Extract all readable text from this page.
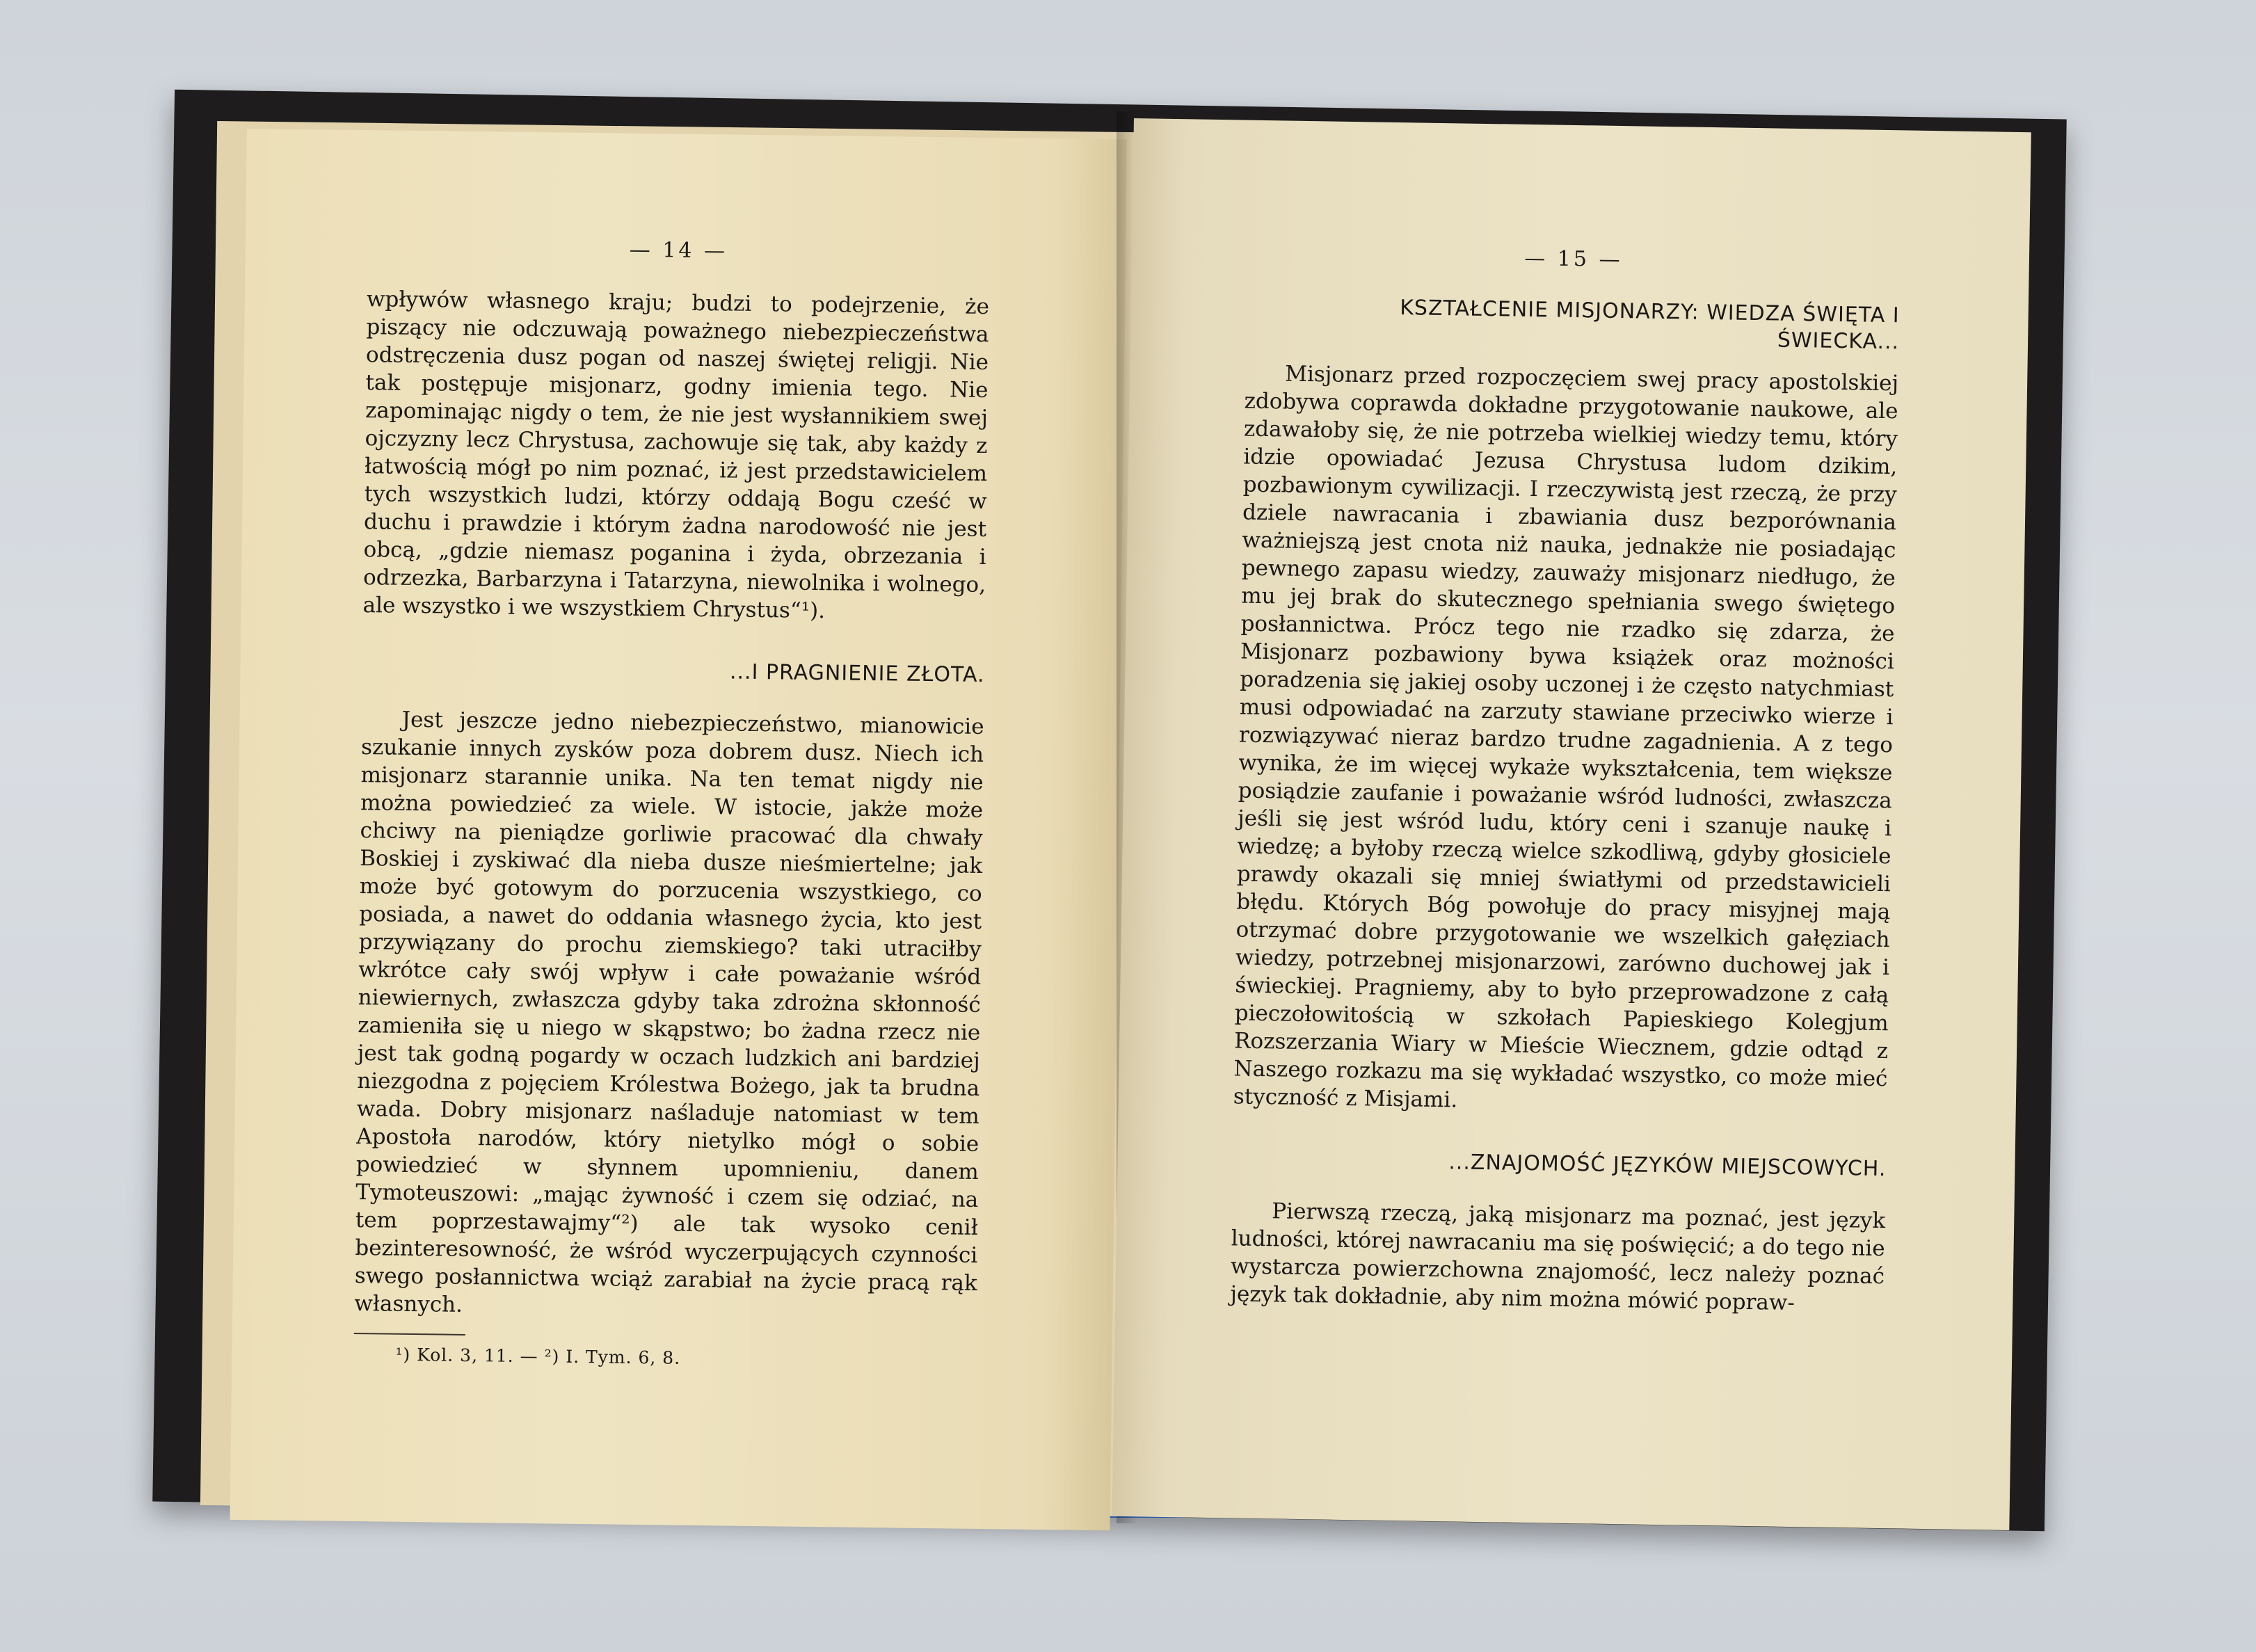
— 14 —

wpływów własnego kraju; budzi to podejrzenie, że piszący nie odczuwają poważnego niebezpieczeństwa odstręczenia dusz pogan od naszej świętej religji. Nie tak postępuje misjonarz, godny imienia tego. Nie zapominając nigdy o tem, że nie jest wysłannikiem swej ojczyzny lecz Chrystusa, zachowuje się tak, aby każdy z łatwością mógł po nim poznać, iż jest przedstawicielem tych wszystkich ludzi, którzy oddają Bogu cześć w duchu i prawdzie i którym żadna narodowość nie jest obcą, „gdzie niemasz poganina i żyda, obrzezania i odrzezka, Barbarzyna i Tatarzyna, niewolnika i wolnego, ale wszystko i we wszystkiem Chrystus“¹).

...I PRAGNIENIE ZŁOTA.

Jest jeszcze jedno niebezpieczeństwo, mianowicie szukanie innych zysków poza dobrem dusz. Niech ich misjonarz starannie unika. Na ten temat nigdy nie można powiedzieć za wiele. W istocie, jakże może chciwy na pieniądze gorliwie pracować dla chwały Boskiej i zyskiwać dla nieba dusze nieśmiertelne; jak może być gotowym do porzucenia wszystkiego, co posiada, a nawet do oddania własnego życia, kto jest przywiązany do prochu ziemskiego? taki utraciłby wkrótce cały swój wpływ i całe poważanie wśród niewiernych, zwłaszcza gdyby taka zdrożna skłonność zamieniła się u niego w skąpstwo; bo żadna rzecz nie jest tak godną pogardy w oczach ludzkich ani bardziej niezgodna z pojęciem Królestwa Bożego, jak ta brudna wada. Dobry misjonarz naśladuje natomiast w tem Apostoła narodów, który nietylko mógł o sobie powiedzieć w słynnem upomnieniu, danem Tymoteuszowi: „mając żywność i czem się odziać, na tem poprzestawajmy“²) ale tak wysoko cenił bezinteresowność, że wśród wyczerpujących czynności swego posłannictwa wciąż zarabiał na życie pracą rąk własnych.

¹) Kol. 3, 11. — ²) I. Tym. 6, 8.
— 15 —
KSZTAŁCENIE MISJONARZY: WIEDZA ŚWIĘTA I ŚWIECKA...

Misjonarz przed rozpoczęciem swej pracy apostolskiej zdobywa coprawda dokładne przygotowanie naukowe, ale zdawałoby się, że nie potrzeba wielkiej wiedzy temu, który idzie opowiadać Jezusa Chrystusa ludom dzikim, pozbawionym cywilizacji. I rzeczywistą jest rzeczą, że przy dziele nawracania i zbawiania dusz bezporównania ważniejszą jest cnota niż nauka, jednakże nie posiadając pewnego zapasu wiedzy, zauważy misjonarz niedługo, że mu jej brak do skutecznego spełniania swego świętego posłannictwa. Prócz tego nie rzadko się zdarza, że Misjonarz pozbawiony bywa książek oraz możności poradzenia się jakiej osoby uczonej i że często natychmiast musi odpowiadać na zarzuty stawiane przeciwko wierze i rozwiązywać nieraz bardzo trudne zagadnienia. A z tego wynika, że im więcej wykaże wykształcenia, tem większe posiądzie zaufanie i poważanie wśród ludności, zwłaszcza jeśli się jest wśród ludu, który ceni i szanuje naukę i wiedzę; a byłoby rzeczą wielce szkodliwą, gdyby głosiciele prawdy okazali się mniej światłymi od przedstawicieli błędu. Których Bóg powołuje do pracy misyjnej mają otrzymać dobre przygotowanie we wszelkich gałęziach wiedzy, potrzebnej misjonarzowi, zarówno duchowej jak i świeckiej. Pragniemy, aby to było przeprowadzone z całą pieczołowitością w szkołach Papieskiego Kolegjum Rozszerzania Wiary w Mieście Wiecznem, gdzie odtąd z Naszego rozkazu ma się wykładać wszystko, co może mieć styczność z Misjami.

...ZNAJOMOŚĆ JĘZYKÓW MIEJSCOWYCH.

Pierwszą rzeczą, jaką misjonarz ma poznać, jest język ludności, której nawracaniu ma się poświęcić; a do tego nie wystarcza powierzchowna znajomość, lecz należy poznać język tak dokładnie, aby nim można mówić popraw-
